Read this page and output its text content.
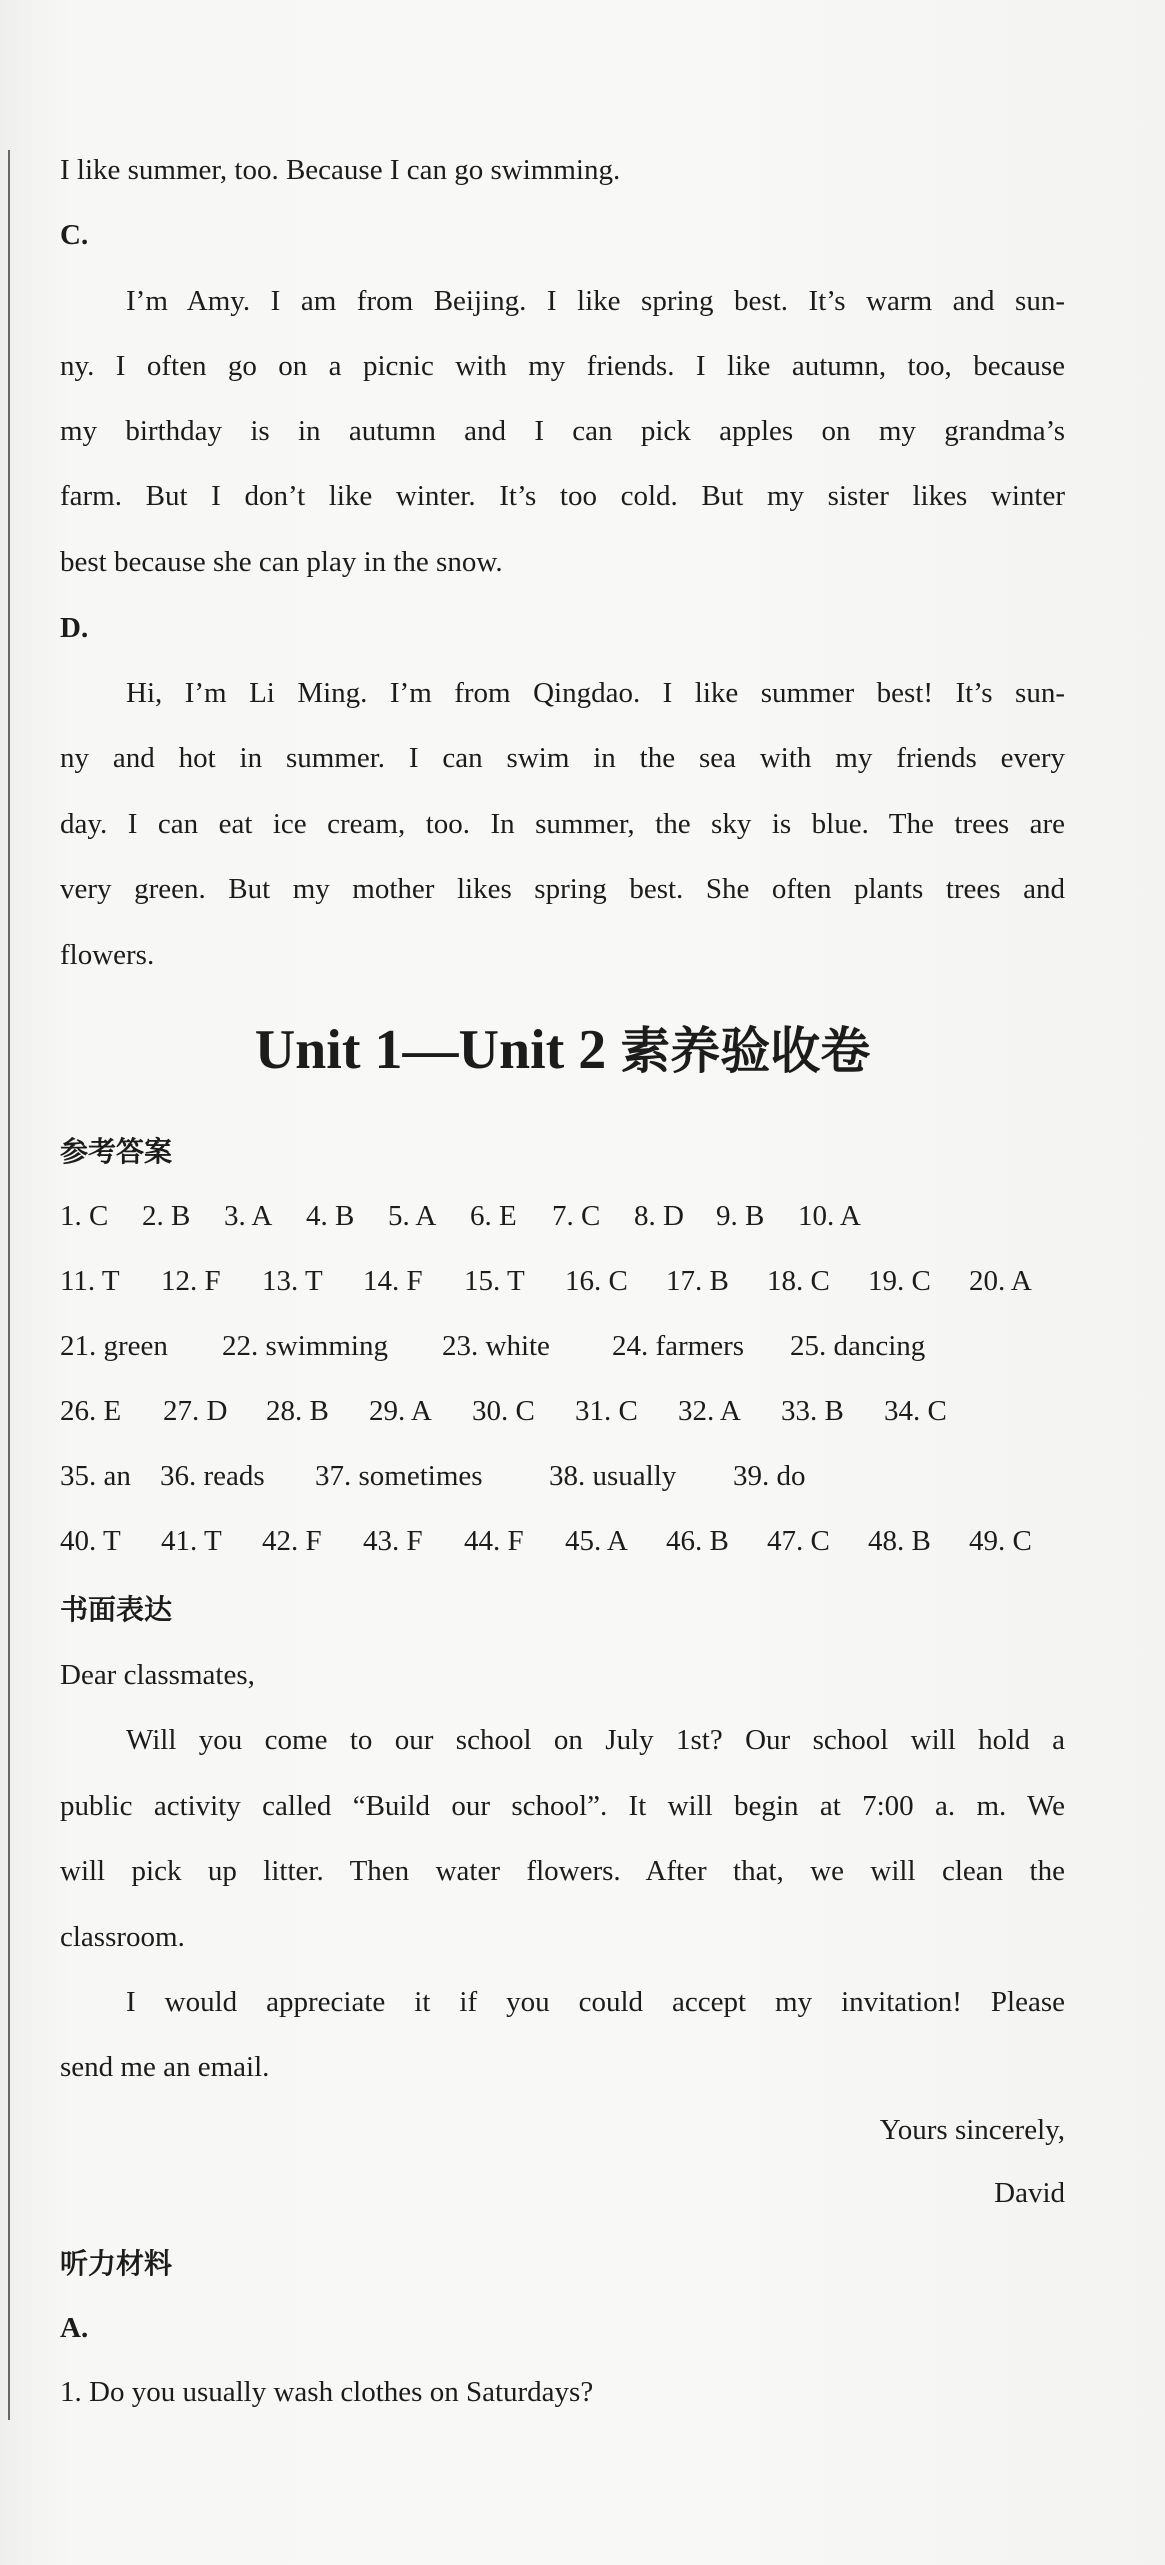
I like summer, too. Because I can go swimming.
C.
I’m Amy. I am from Beijing. I like spring best. It’s warm and sun-
ny. I often go on a picnic with my friends. I like autumn, too, because
my birthday is in autumn and I can pick apples on my grandma’s
farm. But I don’t like winter. It’s too cold. But my sister likes winter
best because she can play in the snow.
D.
Hi, I’m Li Ming. I’m from Qingdao. I like summer best! It’s sun-
ny and hot in summer. I can swim in the sea with my friends every
day. I can eat ice cream, too. In summer, the sky is blue. The trees are
very green. But my mother likes spring best. She often plants trees and
flowers.
Unit 1—Unit 2 素养验收卷
参考答案
1. C 2. B 3. A 4. B 5. A 6. E 7. C 8. D 9. B 10. A
11. T 12. F 13. T 14. F 15. T 16. C 17. B 18. C 19. C 20. A
21. green 22. swimming 23. white 24. farmers 25. dancing
26. E 27. D 28. B 29. A 30. C 31. C 32. A 33. B 34. C
35. an 36. reads 37. sometimes 38. usually 39. do
40. T 41. T 42. F 43. F 44. F 45. A 46. B 47. C 48. B 49. C
书面表达
Dear classmates,
Will you come to our school on July 1st? Our school will hold a
public activity called “Build our school”. It will begin at 7:00 a. m. We
will pick up litter. Then water flowers. After that, we will clean the
classroom.
I would appreciate it if you could accept my invitation! Please
send me an email.
Yours sincerely,
David
听力材料
A.
1. Do you usually wash clothes on Saturdays?
